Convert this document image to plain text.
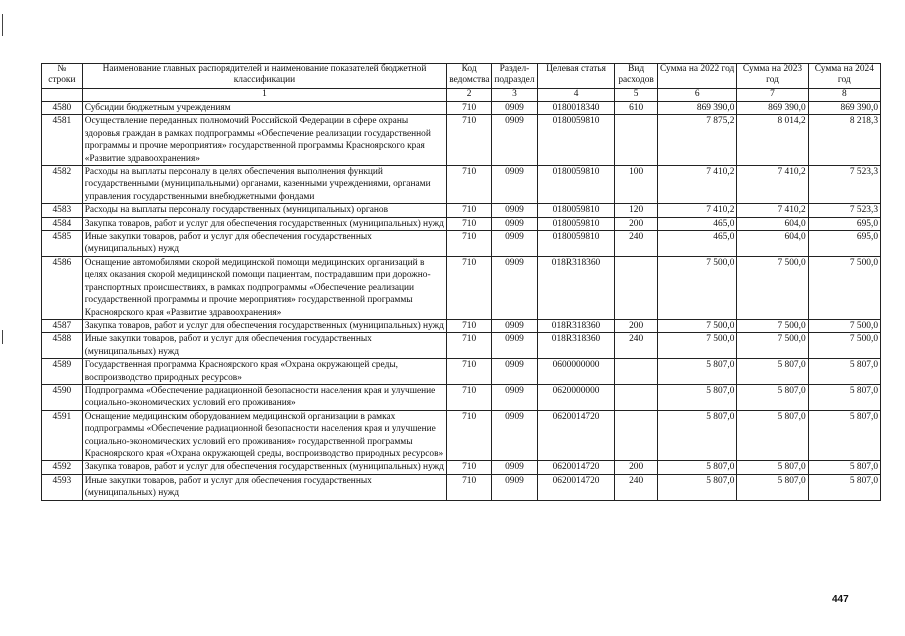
№ строки	Наименование главных распорядителей и наименование показателей бюджетной классификации	Код ведомства	Раздел-подраздел	Целевая статья	Вид расходов	Сумма на 2022 год	Сумма на 2023 год	Сумма на 2024 год
	1	2	3	4	5	6	7	8
4580	Субсидии бюджетным учреждениям	710	0909	0180018340	610	869 390,0	869 390,0	869 390,0
4581	Осуществление переданных полномочий Российской Федерации в сфере охраны здоровья граждан в рамках подпрограммы «Обеспечение реализации государственной программы и прочие мероприятия» государственной программы Красноярского края «Развитие здравоохранения»	710	0909	0180059810		7 875,2	8 014,2	8 218,3
4582	Расходы на выплаты персоналу в целях обеспечения выполнения функций государственными (муниципальными) органами, казенными учреждениями, органами управления государственными внебюджетными фондами	710	0909	0180059810	100	7 410,2	7 410,2	7 523,3
4583	Расходы на выплаты персоналу государственных (муниципальных) органов	710	0909	0180059810	120	7 410,2	7 410,2	7 523,3
4584	Закупка товаров, работ и услуг для обеспечения государственных (муниципальных) нужд	710	0909	0180059810	200	465,0	604,0	695,0
4585	Иные закупки товаров, работ и услуг для обеспечения государственных (муниципальных) нужд	710	0909	0180059810	240	465,0	604,0	695,0
4586	Оснащение автомобилями скорой медицинской помощи медицинских организаций в целях оказания скорой медицинской помощи пациентам, пострадавшим при дорожно-транспортных происшествиях, в рамках подпрограммы «Обеспечение реализации государственной программы и прочие мероприятия» государственной программы Красноярского края «Развитие здравоохранения»	710	0909	018R318360		7 500,0	7 500,0	7 500,0
4587	Закупка товаров, работ и услуг для обеспечения государственных (муниципальных) нужд	710	0909	018R318360	200	7 500,0	7 500,0	7 500,0
4588	Иные закупки товаров, работ и услуг для обеспечения государственных (муниципальных) нужд	710	0909	018R318360	240	7 500,0	7 500,0	7 500,0
4589	Государственная программа Красноярского края «Охрана окружающей среды, воспроизводство природных ресурсов»	710	0909	0600000000		5 807,0	5 807,0	5 807,0
4590	Подпрограмма «Обеспечение радиационной безопасности населения края и улучшение социально-экономических условий его проживания»	710	0909	0620000000		5 807,0	5 807,0	5 807,0
4591	Оснащение медицинским оборудованием медицинской организации в рамках подпрограммы «Обеспечение радиационной безопасности населения края и улучшение социально-экономических условий его проживания» государственной программы Красноярского края «Охрана окружающей среды, воспроизводство природных ресурсов»	710	0909	0620014720		5 807,0	5 807,0	5 807,0
4592	Закупка товаров, работ и услуг для обеспечения государственных (муниципальных) нужд	710	0909	0620014720	200	5 807,0	5 807,0	5 807,0
4593	Иные закупки товаров, работ и услуг для обеспечения государственных (муниципальных) нужд	710	0909	0620014720	240	5 807,0	5 807,0	5 807,0
447
